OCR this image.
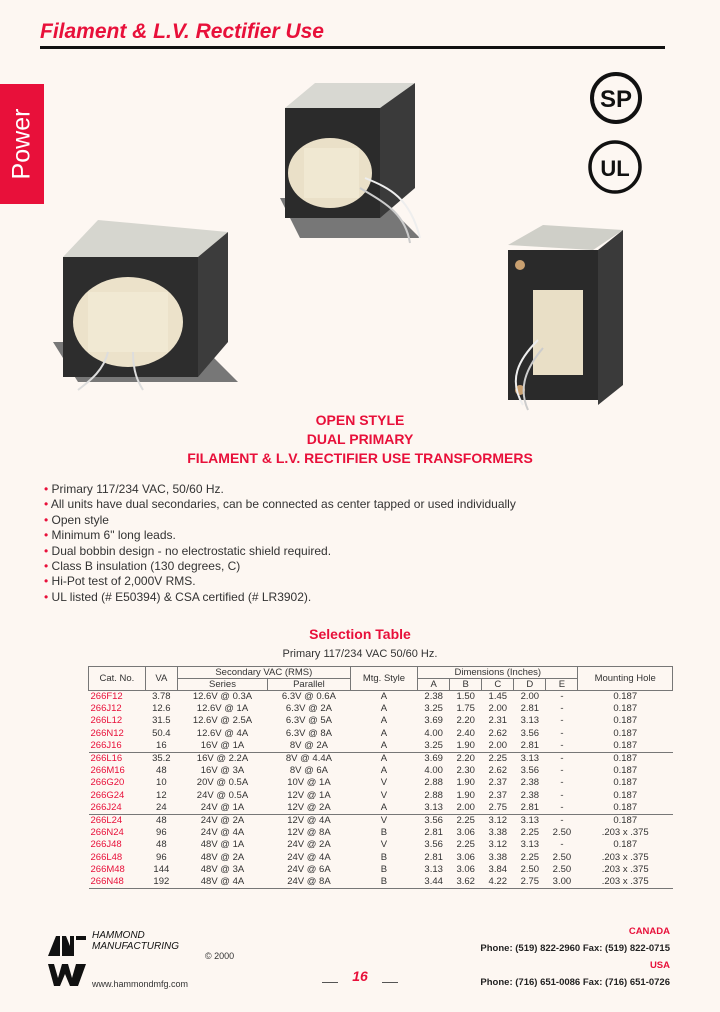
Filament & L.V. Rectifier Use
Power
SP
UL
OPEN STYLE
DUAL PRIMARY
FILAMENT & L.V. RECTIFIER USE TRANSFORMERS
• Primary 117/234 VAC, 50/60 Hz.
• All units have dual secondaries, can be connected as center tapped or used individually
• Open style
• Minimum 6" long leads.
• Dual bobbin design - no electrostatic shield required.
• Class B insulation (130 degrees, C)
• Hi-Pot test of 2,000V RMS.
• UL listed (# E50394) & CSA certified (# LR3902).
Selection Table
Primary 117/234 VAC 50/60 Hz.
Cat. No.	VA	Secondary VAC (RMS)		Mtg. Style	Dimensions (Inches)					Mounting Hole
		Series	Parallel		A	B	C	D	E	
266F12	3.78	12.6V @ 0.3A	6.3V @ 0.6A	A	2.38	1.50	1.45	2.00	-	0.187
266J12	12.6	12.6V @ 1A	6.3V @ 2A	A	3.25	1.75	2.00	2.81	-	0.187
266L12	31.5	12.6V @ 2.5A	6.3V @ 5A	A	3.69	2.20	2.31	3.13	-	0.187
266N12	50.4	12.6V @ 4A	6.3V @ 8A	A	4.00	2.40	2.62	3.56	-	0.187
266J16	16	16V @ 1A	8V @ 2A	A	3.25	1.90	2.00	2.81	-	0.187
266L16	35.2	16V @ 2.2A	8V @ 4.4A	A	3.69	2.20	2.25	3.13	-	0.187
266M16	48	16V @ 3A	8V @ 6A	A	4.00	2.30	2.62	3.56	-	0.187
266G20	10	20V @ 0.5A	10V @ 1A	V	2.88	1.90	2.37	2.38	-	0.187
266G24	12	24V @ 0.5A	12V @ 1A	V	2.88	1.90	2.37	2.38	-	0.187
266J24	24	24V @ 1A	12V @ 2A	A	3.13	2.00	2.75	2.81	-	0.187
266L24	48	24V @ 2A	12V @ 4A	V	3.56	2.25	3.12	3.13	-	0.187
266N24	96	24V @ 4A	12V @ 8A	B	2.81	3.06	3.38	2.25	2.50	.203 x .375
266J48	48	48V @ 1A	24V @ 2A	V	3.56	2.25	3.12	3.13	-	0.187
266L48	96	48V @ 2A	24V @ 4A	B	2.81	3.06	3.38	2.25	2.50	.203 x .375
266M48	144	48V @ 3A	24V @ 6A	B	3.13	3.06	3.84	2.50	2.50	.203 x .375
266N48	192	48V @ 4A	24V @ 8A	B	3.44	3.62	4.22	2.75	3.00	.203 x .375
HAMMOND
MANUFACTURING
© 2000
www.hammondmfg.com	16
CANADA
Phone: (519) 822-2960 Fax: (519) 822-0715
USA
Phone: (716) 651-0086 Fax: (716) 651-0726
